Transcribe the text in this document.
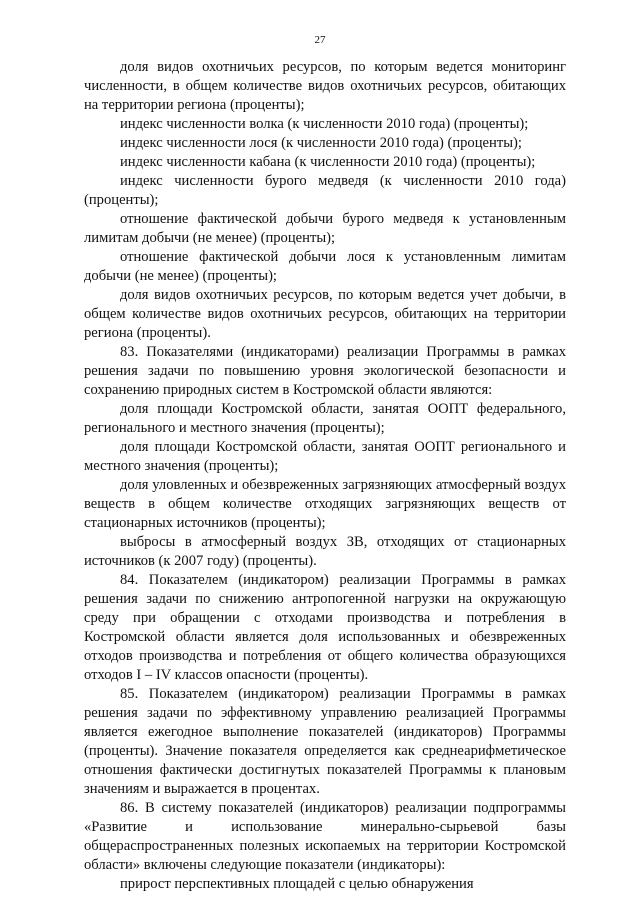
27

доля видов охотничьих ресурсов, по которым ведется мониторинг численности, в общем количестве видов охотничьих ресурсов, обитающих на территории региона (проценты);

индекс численности волка (к численности 2010 года) (проценты);

индекс численности лося (к численности 2010 года) (проценты);

индекс численности кабана (к численности 2010 года) (проценты);

индекс численности бурого медведя (к численности 2010 года) (проценты);

отношение фактической добычи бурого медведя к установленным лимитам добычи (не менее) (проценты);

отношение фактической добычи лося к установленным лимитам добычи (не менее) (проценты);

доля видов охотничьих ресурсов, по которым ведется учет добычи, в общем количестве видов охотничьих ресурсов, обитающих на территории региона (проценты).

83. Показателями (индикаторами) реализации Программы в рамках решения задачи по повышению уровня экологической безопасности и сохранению природных систем в Костромской области являются:

доля площади Костромской области, занятая ООПТ федерального, регионального и местного значения (проценты);

доля площади Костромской области, занятая ООПТ регионального и местного значения (проценты);

доля уловленных и обезвреженных загрязняющих атмосферный воздух веществ в общем количестве отходящих загрязняющих веществ от стационарных источников (проценты);

выбросы в атмосферный воздух ЗВ, отходящих от стационарных источников (к 2007 году) (проценты).

84. Показателем (индикатором) реализации Программы в рамках решения задачи по снижению антропогенной нагрузки на окружающую среду при обращении с отходами производства и потребления в Костромской области является доля использованных и обезвреженных отходов производства и потребления от общего количества образующихся отходов I – IV классов опасности (проценты).

85. Показателем (индикатором) реализации Программы в рамках решения задачи по эффективному управлению реализацией Программы является ежегодное выполнение показателей (индикаторов) Программы (проценты). Значение показателя определяется как среднеарифметическое отношения фактически достигнутых показателей Программы к плановым значениям и выражается в процентах.

86. В систему показателей (индикаторов) реализации подпрограммы «Развитие и использование минерально-сырьевой базы общераспространенных полезных ископаемых на территории Костромской области» включены следующие показатели (индикаторы):

прирост перспективных площадей с целью обнаружения
